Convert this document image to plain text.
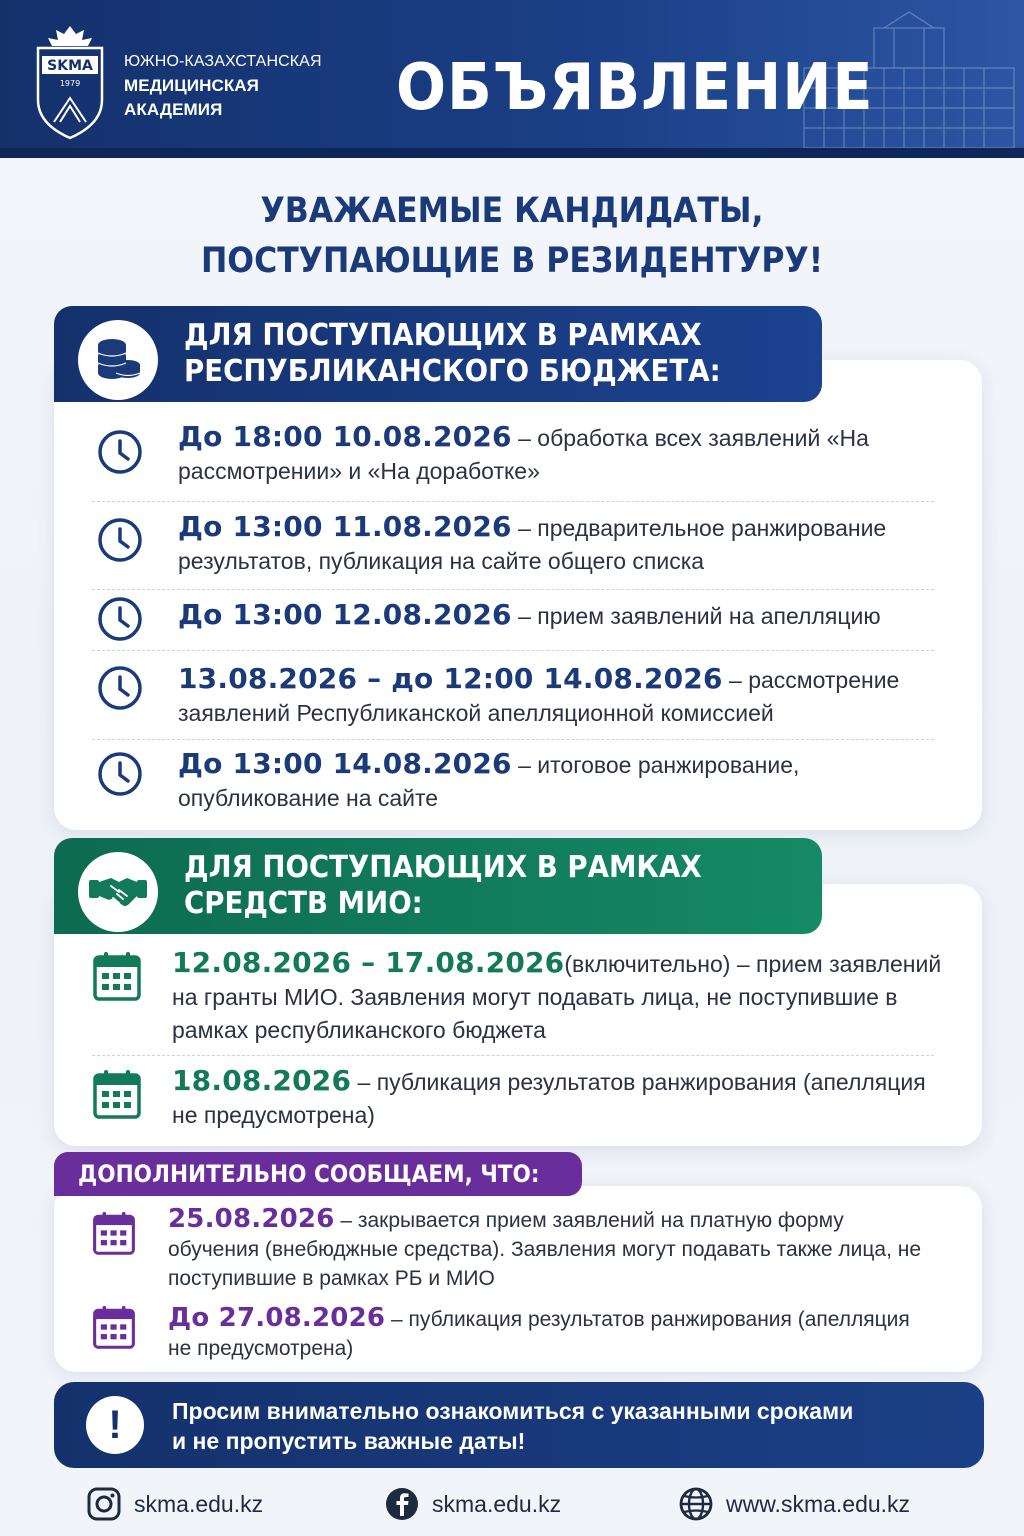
SKMA
1979
ЮЖНО-КАЗАХСТАНСКАЯ
МЕДИЦИНСКАЯ
АКАДЕМИЯ	ОБЪЯВЛЕНИЕ
УВАЖАЕМЫЕ КАНДИДАТЫ,
ПОСТУПАЮЩИЕ В РЕЗИДЕНТУРУ!
ДЛЯ ПОСТУПАЮЩИХ В РАМКАХ
РЕСПУБЛИКАНСКОГО БЮДЖЕТА:
До 18:00 10.08.2026 – обработка всех заявлений «На рассмотрении» и «На доработке»
До 13:00 11.08.2026 – предварительное ранжирование результатов, публикация на сайте общего списка
До 13:00 12.08.2026 – прием заявлений на апелляцию
13.08.2026 – до 12:00 14.08.2026 – рассмотрение заявлений Республиканской апелляционной комиссией
До 13:00 14.08.2026 – итоговое ранжирование, опубликование на сайте
ДЛЯ ПОСТУПАЮЩИХ В РАМКАХ
СРЕДСТВ МИО:
12.08.2026 – 17.08.2026(включительно) – прием заявлений на гранты МИО. Заявления могут подавать лица, не поступившие в рамках республиканского бюджета
18.08.2026 – публикация результатов ранжирования (апелляция не предусмотрена)
ДОПОЛНИТЕЛЬНО СООБЩАЕМ, ЧТО:
25.08.2026 – закрывается прием заявлений на платную форму обучения (внебюджные средства). Заявления могут подавать также лица, не поступившие в рамках РБ и МИО
До 27.08.2026 – публикация результатов ранжирования (апелляция не предусмотрена)
!	Просим внимательно ознакомиться с указанными сроками
и не пропустить важные даты!
skma.edu.kz	skma.edu.kz	www.skma.edu.kz
